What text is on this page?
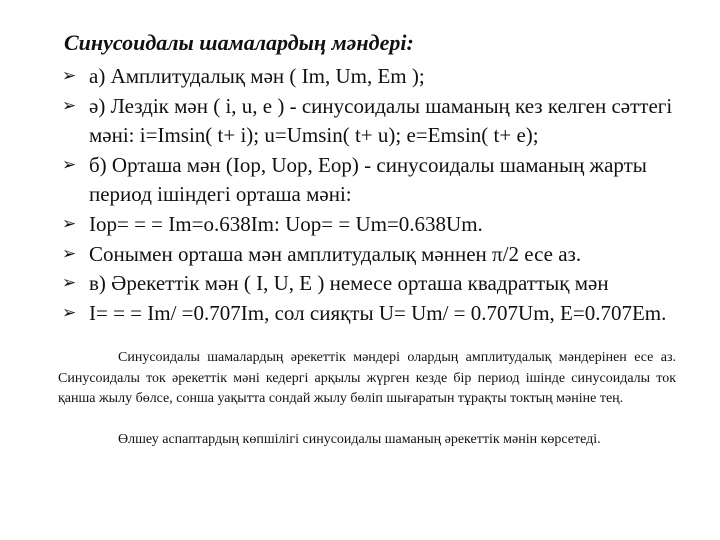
Синусоидалы шамалардың мәндері:
➢ а) Амплитудалық мән ( Im, Um, Em );
➢ ә) Лездік мән ( i, u, e ) - синусоидалы шаманың кез келген сәттегі мәні: i=Imsin( t+ i); u=Umsin( t+ u); e=Emsin( t+ e);
➢ б) Орташа мән (Iop, Uop, Eop) - синусоидалы шаманың жарты период ішіндегі орташа мәні:
➢ Iop= = = Im=o.638Im: Uop= = Um=0.638Um.
➢ Сонымен орташа мән амплитудалық мәннен π/2 есе аз.
➢ в) Әрекеттік мән ( I, U, E ) немесе орташа квадраттық мән
➢ I= = = Im/ =0.707Im, сол сияқты U= Um/ = 0.707Um, E=0.707Em.

Синусоидалы шамалардың әрекеттік мәндері олардың амплитудалық мәндерінен есе аз. Синусоидалы ток әрекеттік мәні кедергі арқылы жүрген кезде бір период ішінде синусоидалы ток қанша жылу бөлсе, сонша уақытта сондай жылу бөліп шығаратын тұрақты токтың мәніне тең.

Өлшеу аспаптардың көпшілігі синусоидалы шаманың әрекеттік мәнін көрсетеді.
